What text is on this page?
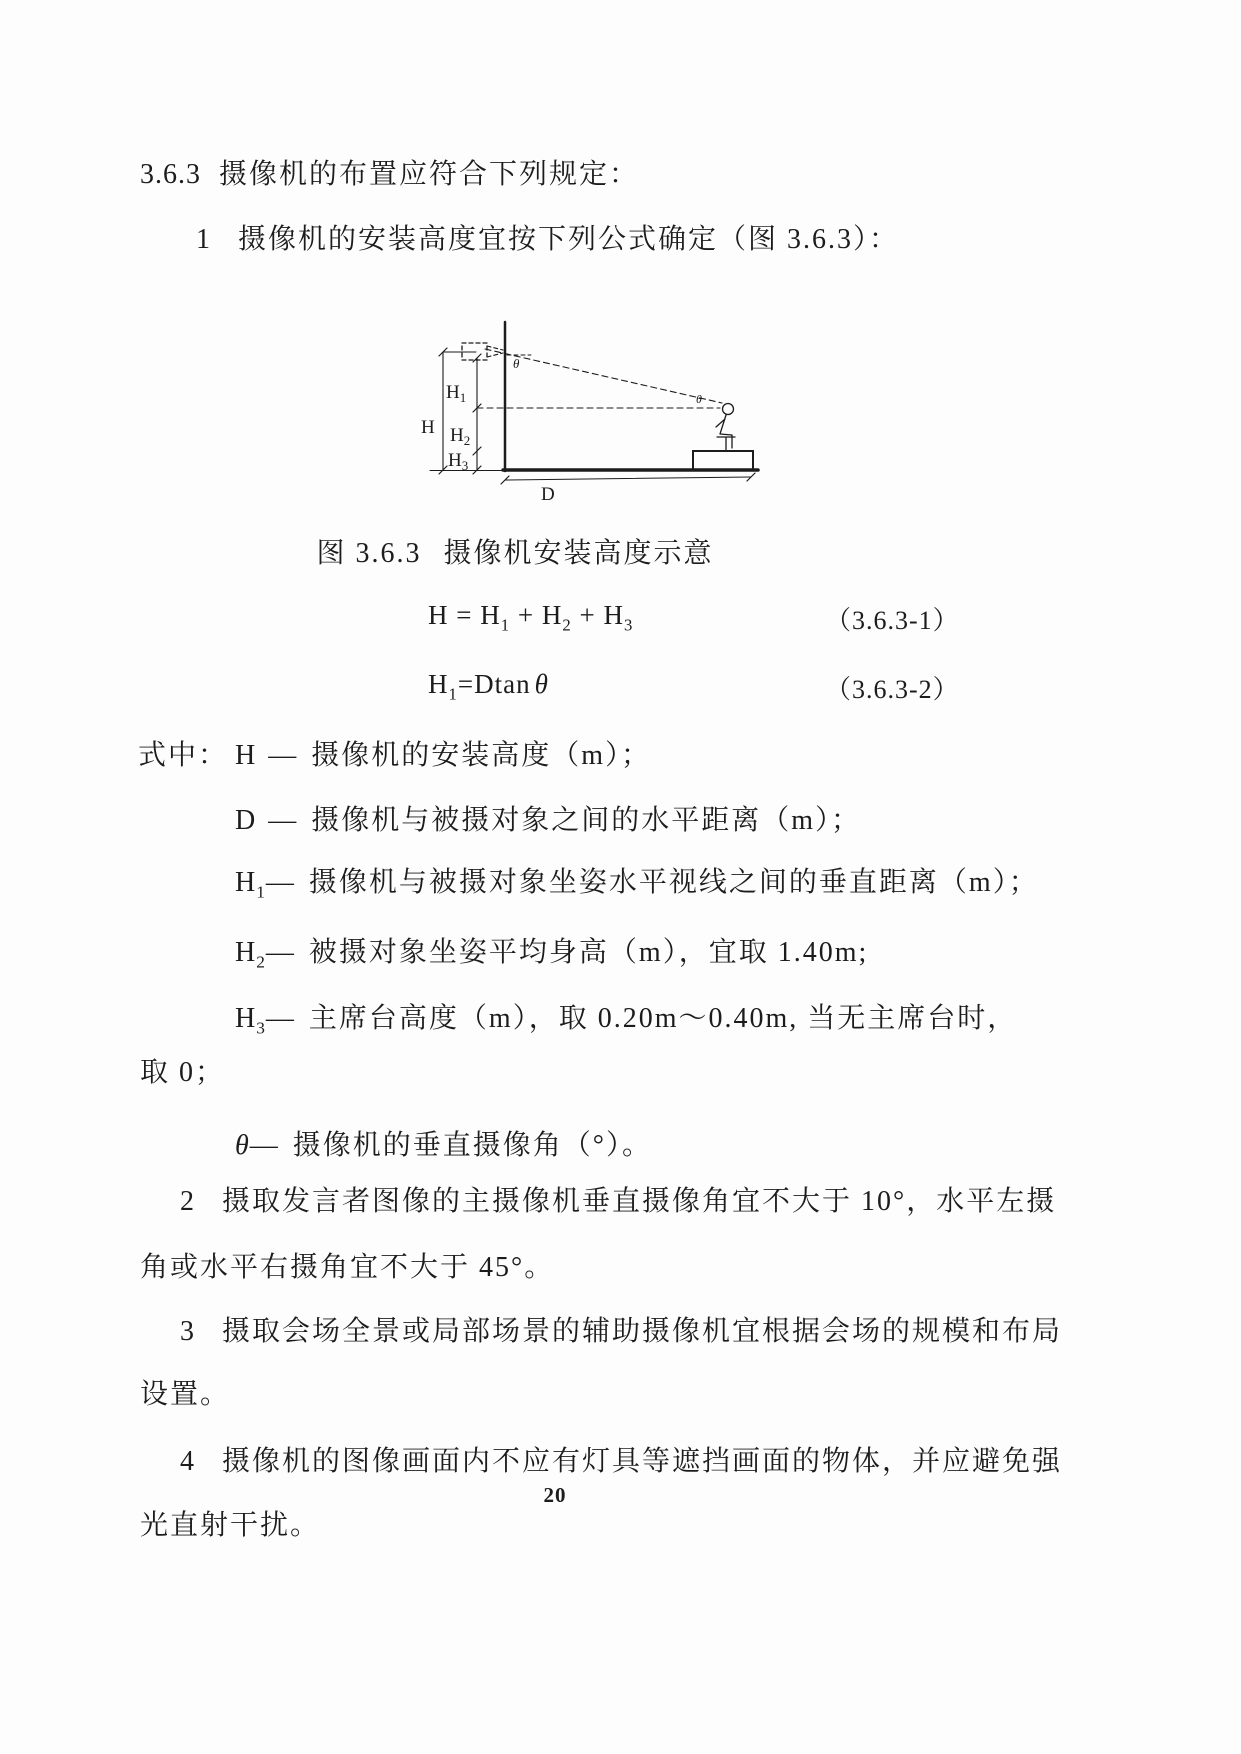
3.6.3 摄像机的布置应符合下列规定：
1 摄像机的安装高度宜按下列公式确定（图 3.6.3）：
H
$H_1$
$H_2$
$H_3$
θ
θ
D
图 3.6.3 摄像机安装高度示意
$H = H_1 + H_2 + H_3$	（3.6.3-1）
$H_1=Dtan$ θ	（3.6.3-2）
式中： H — 摄像机的安装高度（m）；
D — 摄像机与被摄对象之间的水平距离（m）；
$H_1—$ 摄像机与被摄对象坐姿水平视线之间的垂直距离（m）；
$H_2—$ 被摄对象坐姿平均身高（m），宜取 1.40m;
$H_3—$ 主席台高度（m），取 0.20m～0.40m, 当无主席台时，
取 0；
θ— 摄像机的垂直摄像角（°）。
2 摄取发言者图像的主摄像机垂直摄像角宜不大于 10°，水平左摄
角或水平右摄角宜不大于 45°。
3 摄取会场全景或局部场景的辅助摄像机宜根据会场的规模和布局
设置。
4 摄像机的图像画面内不应有灯具等遮挡画面的物体，并应避免强
光直射干扰。
20
